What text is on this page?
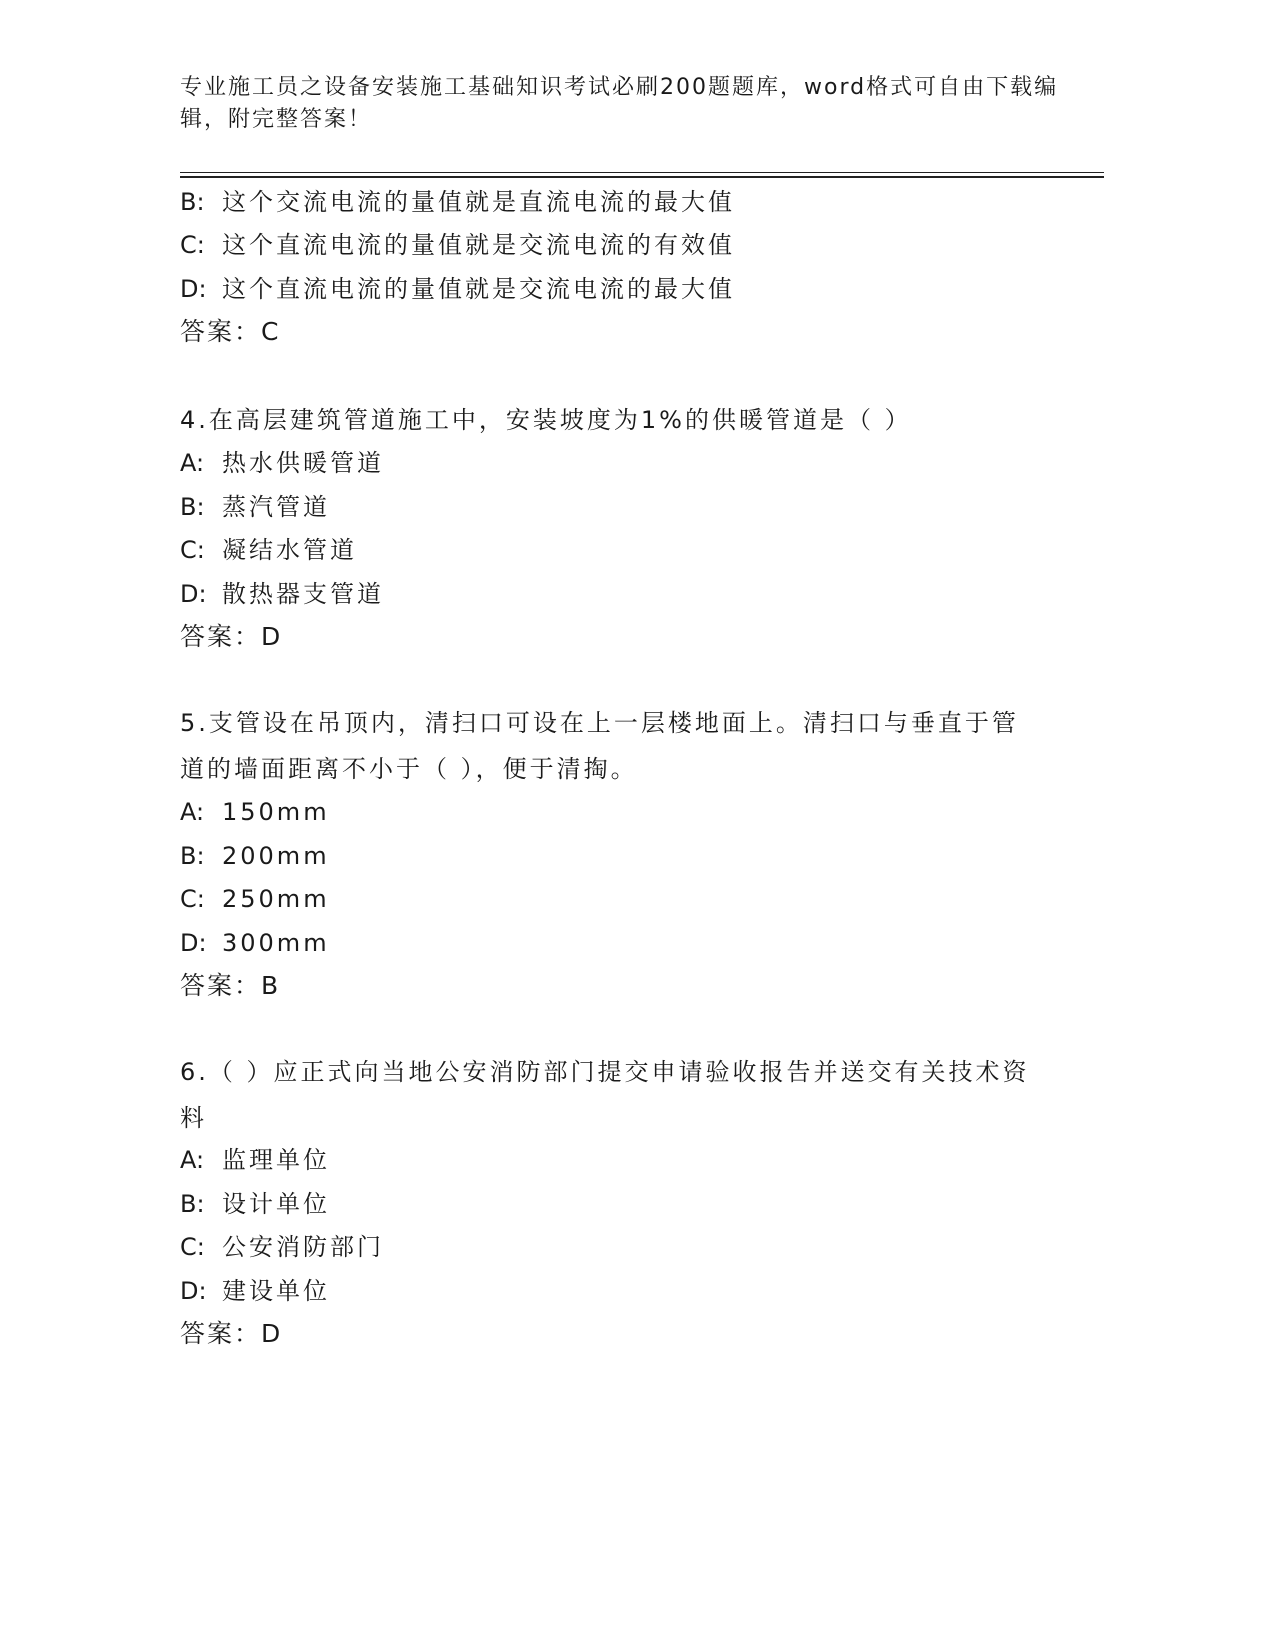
专业施工员之设备安装施工基础知识考试必刷200题题库，word格式可自由下载编辑，附完整答案！
B: 这个交流电流的量值就是直流电流的最大值
C: 这个直流电流的量值就是交流电流的有效值
D: 这个直流电流的量值就是交流电流的最大值
答案：C
4.在高层建筑管道施工中，安装坡度为1%的供暖管道是（ ）
A: 热水供暖管道
B: 蒸汽管道
C: 凝结水管道
D: 散热器支管道
答案：D
5.支管设在吊顶内，清扫口可设在上一层楼地面上。清扫口与垂直于管道的墙面距离不小于（ ），便于清掏。
A: 150mm
B: 200mm
C: 250mm
D: 300mm
答案：B
6.（ ）应正式向当地公安消防部门提交申请验收报告并送交有关技术资料
A: 监理单位
B: 设计单位
C: 公安消防部门
D: 建设单位
答案：D
